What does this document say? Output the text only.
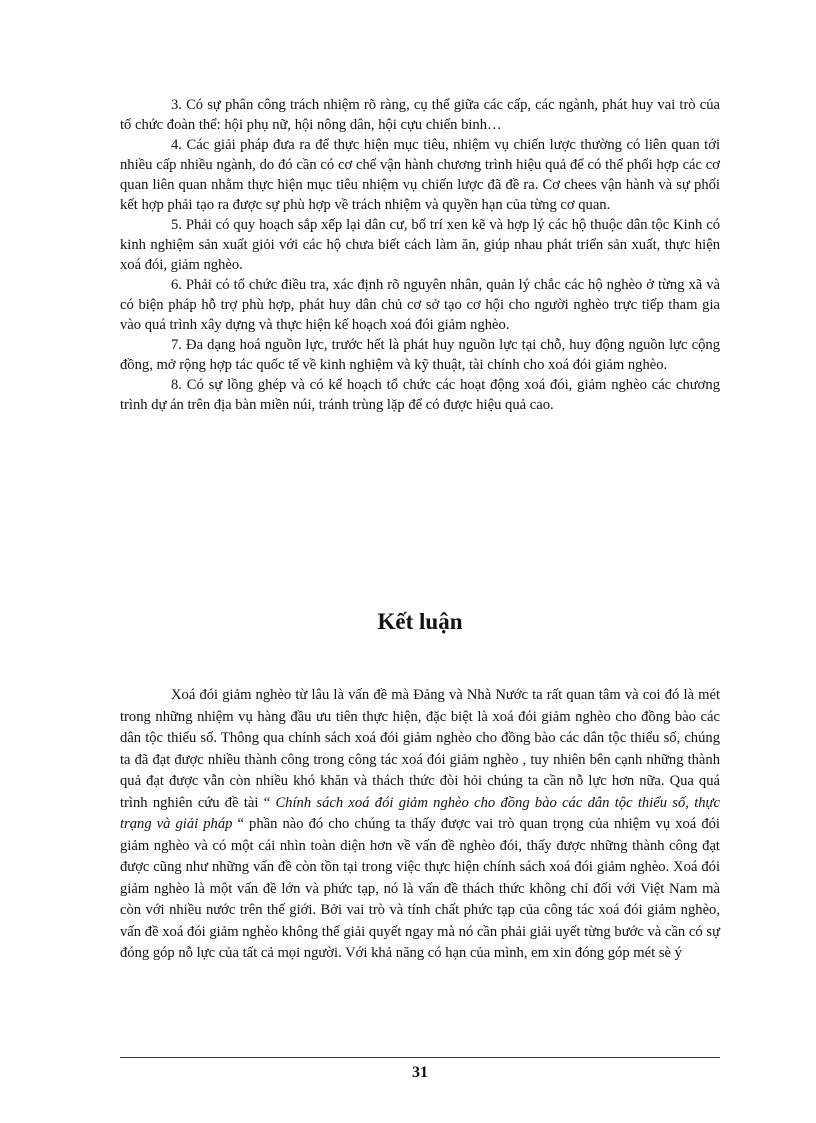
3. Có sự phân công trách nhiệm rõ ràng, cụ thể giữa các cấp, các ngành, phát huy vai trò của tổ chức đoàn thể: hội phụ nữ, hội nông dân, hội cựu chiến binh…

4. Các giải pháp đưa ra để thực hiện mục tiêu, nhiệm vụ chiến lược thường có liên quan tới nhiều cấp nhiều ngành, do đó cần có cơ chế vận hành chương trình hiệu quả để có thể phối hợp các cơ quan liên quan nhằm thực hiện mục tiêu nhiệm vụ chiến lược đã đề ra. Cơ chees vận hành và sự phối kết hợp phải tạo ra được sự phù hợp về trách nhiệm và quyền hạn của từng cơ quan.

5. Phải có quy hoạch sắp xếp lại dân cư, bố trí xen kẽ và hợp lý các hộ thuộc dân tộc Kinh có kinh nghiệm sản xuất giỏi với các hộ chưa biết cách làm ăn, giúp nhau phát triển sản xuất, thực hiện xoá đói, giảm nghèo.

6. Phải có tổ chức điều tra, xác định rõ nguyên nhân, quản lý chắc các hộ nghèo ở từng xã và có biện pháp hỗ trợ phù hợp, phát huy dân chủ cơ sở tạo cơ hội cho người nghèo trực tiếp tham gia vào quá trình xây dựng và thực hiện kế hoạch xoá đói giảm nghèo.

7. Đa dạng hoá nguồn lực, trước hết là phát huy nguồn lực tại chỗ, huy động nguồn lực cộng đồng, mở rộng hợp tác quốc tế về kinh nghiệm và kỹ thuật, tài chính cho xoá đói giảm nghèo.

8. Có sự lồng ghép và có kế hoạch tổ chức các hoạt động xoá đói, giảm nghèo các chương trình dự án trên địa bàn miền núi, tránh trùng lặp để có được hiệu quả cao.

Kết luận

Xoá đói giảm nghèo từ lâu là vấn đề mà Đảng và Nhà Nước ta rất quan tâm và coi đó là mét trong những nhiệm vụ hàng đầu ưu tiên thực hiện, đặc biệt là xoá đói giảm nghèo cho đồng bào các dân tộc thiểu số. Thông qua chính sách xoá đói giảm nghèo cho đồng bào các dân tộc thiểu số, chúng ta đã đạt được nhiều thành công trong công tác xoá đói giảm nghèo , tuy nhiên bên cạnh những thành quả đạt được vẫn còn nhiều khó khăn và thách thức đòi hỏi chúng ta cần nỗ lực hơn nữa. Qua quá trình nghiên cứu đề tài “ Chính sách xoá đói giảm nghèo cho đồng bào các dân tộc thiểu số, thực trạng và giải pháp “ phần nào đó cho chúng ta thấy được vai trò quan trọng của nhiệm vụ xoá đói giảm nghèo và có một cái nhìn toàn diện hơn về vấn đề nghèo đói, thấy được những thành công đạt được cũng như những vấn đề còn tồn tại trong việc thực hiện chính sách xoá đói giảm nghèo. Xoá đói giảm nghèo là một vấn đề lớn và phức tạp, nó là vấn đề thách thức không chỉ đối với Việt Nam mà còn với nhiều nước trên thế giới. Bởi vai trò và tính chất phức tạp của công tác xoá đói giảm nghèo, vấn đề xoá đói giảm nghèo không thể giải quyết ngay mà nó cần phải giải uyết từng bước và cần có sự đóng góp nỗ lực của tất cả mọi người. Với khả năng có hạn của mình, em xin đóng góp mét sè ý

31
